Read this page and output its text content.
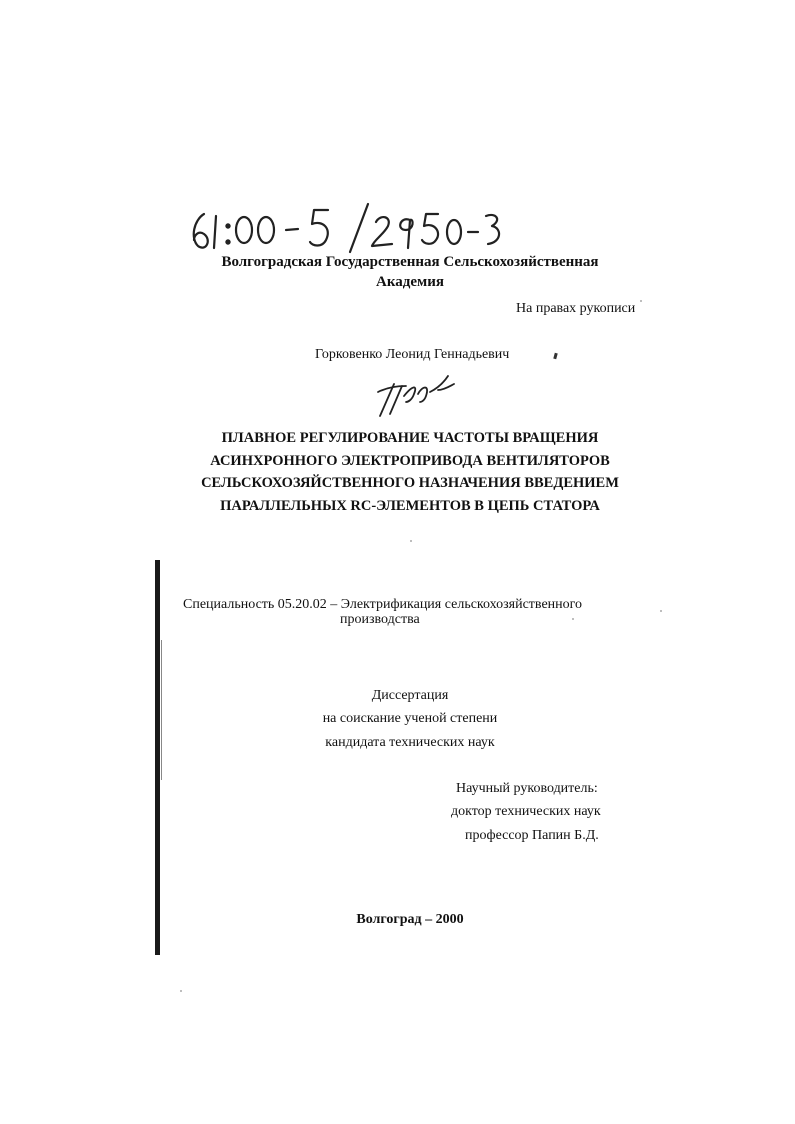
Волгоградская Государственная Сельскохозяйственная
Академия
На правах рукописи
Горковенко Леонид Геннадьевич
ПЛАВНОЕ РЕГУЛИРОВАНИЕ ЧАСТОТЫ ВРАЩЕНИЯ
АСИНХРОННОГО ЭЛЕКТРОПРИВОДА ВЕНТИЛЯТОРОВ
СЕЛЬСКОХОЗЯЙСТВЕННОГО НАЗНАЧЕНИЯ ВВЕДЕНИЕМ
ПАРАЛЛЕЛЬНЫХ RC-ЭЛЕМЕНТОВ В ЦЕПЬ СТАТОРА
Специальность 05.20.02 – Электрификация сельскохозяйственного
производства
Диссертация
на соискание ученой степени
кандидата технических наук
Научный руководитель:
доктор технических наук
профессор Папин Б.Д.
Волгоград – 2000
